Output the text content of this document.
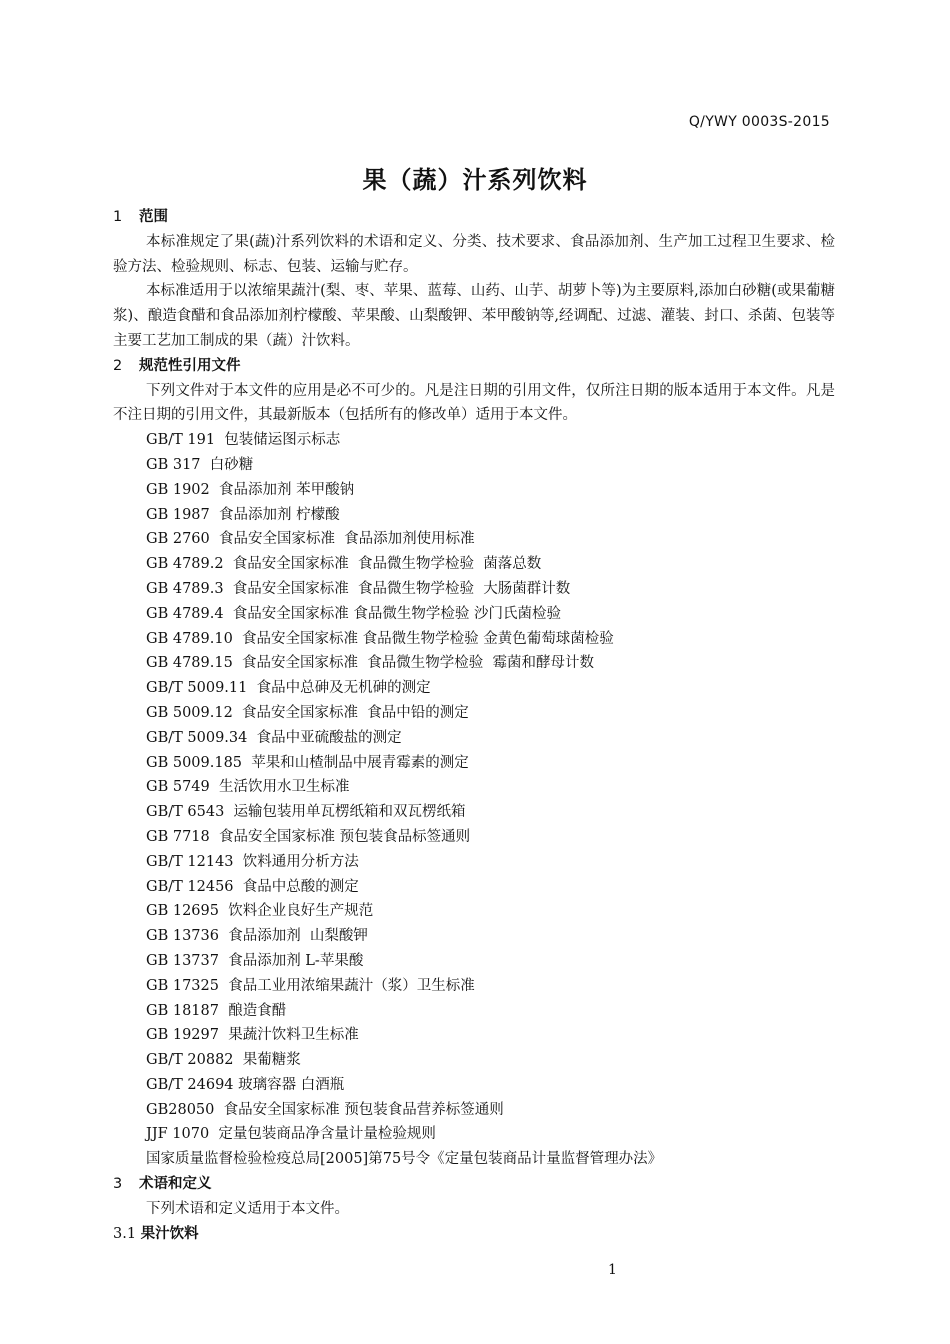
Q/YWY 0003S-2015
果（蔬）汁系列饮料
1 范围

本标准规定了果(蔬)汁系列饮料的术语和定义、分类、技术要求、食品添加剂、生产加工过程卫生要求、检验方法、检验规则、标志、包装、运输与贮存。

本标准适用于以浓缩果蔬汁(梨、枣、苹果、蓝莓、山药、山芋、胡萝卜等)为主要原料,添加白砂糖(或果葡糖浆)、酿造食醋和食品添加剂柠檬酸、苹果酸、山梨酸钾、苯甲酸钠等,经调配、过滤、灌装、封口、杀菌、包装等主要工艺加工制成的果（蔬）汁饮料。

2 规范性引用文件

下列文件对于本文件的应用是必不可少的。凡是注日期的引用文件，仅所注日期的版本适用于本文件。凡是不注日期的引用文件，其最新版本（包括所有的修改单）适用于本文件。

GB/T 191  包装储运图示标志

GB 317  白砂糖

GB 1902  食品添加剂 苯甲酸钠

GB 1987  食品添加剂 柠檬酸

GB 2760  食品安全国家标准  食品添加剂使用标准

GB 4789.2  食品安全国家标准  食品微生物学检验  菌落总数

GB 4789.3  食品安全国家标准  食品微生物学检验  大肠菌群计数

GB 4789.4  食品安全国家标准 食品微生物学检验 沙门氏菌检验

GB 4789.10  食品安全国家标准 食品微生物学检验 金黄色葡萄球菌检验

GB 4789.15  食品安全国家标准  食品微生物学检验  霉菌和酵母计数

GB/T 5009.11  食品中总砷及无机砷的测定

GB 5009.12  食品安全国家标准  食品中铅的测定

GB/T 5009.34  食品中亚硫酸盐的测定

GB 5009.185  苹果和山楂制品中展青霉素的测定

GB 5749  生活饮用水卫生标准

GB/T 6543  运输包装用单瓦楞纸箱和双瓦楞纸箱

GB 7718  食品安全国家标准 预包装食品标签通则

GB/T 12143  饮料通用分析方法

GB/T 12456  食品中总酸的测定

GB 12695  饮料企业良好生产规范

GB 13736  食品添加剂  山梨酸钾

GB 13737  食品添加剂 L-苹果酸

GB 17325  食品工业用浓缩果蔬汁（浆）卫生标准

GB 18187  酿造食醋

GB 19297  果蔬汁饮料卫生标准

GB/T 20882  果葡糖浆

GB/T 24694 玻璃容器 白酒瓶

GB28050  食品安全国家标准 预包装食品营养标签通则

JJF 1070  定量包装商品净含量计量检验规则

国家质量监督检验检疫总局[2005]第75号令《定量包装商品计量监督管理办法》

3 术语和定义

下列术语和定义适用于本文件。

3.1 果汁饮料
1
